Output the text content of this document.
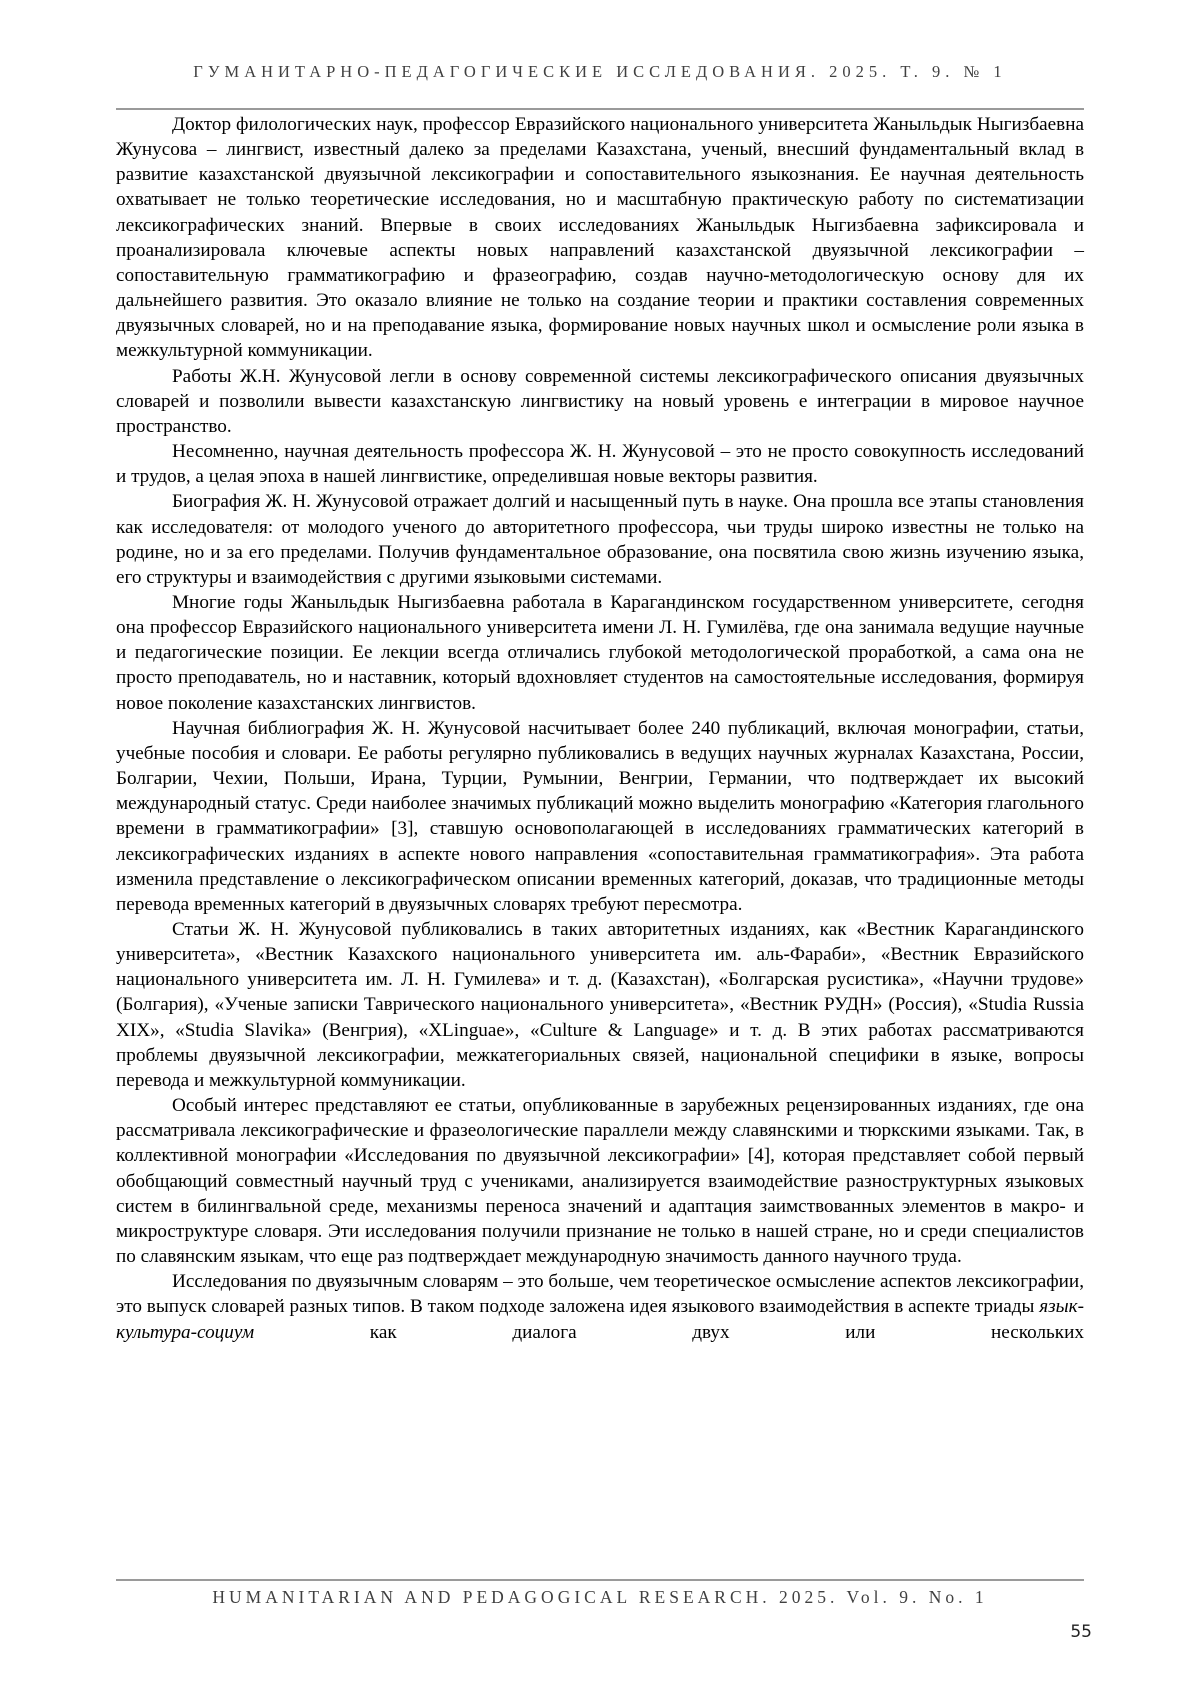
ГУМАНИТАРНО-ПЕДАГОГИЧЕСКИЕ ИССЛЕДОВАНИЯ. 2025. Т. 9. № 1

Доктор филологических наук, профессор Евразийского национального университета Жаныльдык Ныгизбаевна Жунусова – лингвист, известный далеко за пределами Казахстана, ученый, внесший фундаментальный вклад в развитие казахстанской двуязычной лексикографии и сопоставительного языкознания. Ее научная деятельность охватывает не только теоретические исследования, но и масштабную практическую работу по систематизации лексикографических знаний. Впервые в своих исследованиях Жаныльдык Ныгизбаевна зафиксировала и проанализировала ключевые аспекты новых направлений казахстанской двуязычной лексикографии – сопоставительную грамматикографию и фразеографию, создав научно-методологическую основу для их дальнейшего развития. Это оказало влияние не только на создание теории и практики составления современных двуязычных словарей, но и на преподавание языка, формирование новых научных школ и осмысление роли языка в межкультурной коммуникации.

Работы Ж.Н. Жунусовой легли в основу современной системы лексикографического описания двуязычных словарей и позволили вывести казахстанскую лингвистику на новый уровень е интеграции в мировое научное пространство.

Несомненно, научная деятельность профессора Ж. Н. Жунусовой – это не просто совокупность исследований и трудов, а целая эпоха в нашей лингвистике, определившая новые векторы развития.

Биография Ж. Н. Жунусовой отражает долгий и насыщенный путь в науке. Она прошла все этапы становления как исследователя: от молодого ученого до авторитетного профессора, чьи труды широко известны не только на родине, но и за его пределами. Получив фундаментальное образование, она посвятила свою жизнь изучению языка, его структуры и взаимодействия с другими языковыми системами.

Многие годы Жаныльдык Ныгизбаевна работала в Карагандинском государственном университете, сегодня она профессор Евразийского национального университета имени Л. Н. Гумилёва, где она занимала ведущие научные и педагогические позиции. Ее лекции всегда отличались глубокой методологической проработкой, а сама она не просто преподаватель, но и наставник, который вдохновляет студентов на самостоятельные исследования, формируя новое поколение казахстанских лингвистов.

Научная библиография Ж. Н. Жунусовой насчитывает более 240 публикаций, включая монографии, статьи, учебные пособия и словари. Ее работы регулярно публиковались в ведущих научных журналах Казахстана, России, Болгарии, Чехии, Польши, Ирана, Турции, Румынии, Венгрии, Германии, что подтверждает их высокий международный статус. Среди наиболее значимых публикаций можно выделить монографию «Категория глагольного времени в грамматикографии» [3], ставшую основополагающей в исследованиях грамматических категорий в лексикографических изданиях в аспекте нового направления «сопоставительная грамматикография». Эта работа изменила представление о лексикографическом описании временных категорий, доказав, что традиционные методы перевода временных категорий в двуязычных словарях требуют пересмотра.

Статьи Ж. Н. Жунусовой публиковались в таких авторитетных изданиях, как «Вестник Карагандинского университета», «Вестник Казахского национального университета им. аль-Фараби», «Вестник Евразийского национального университета им. Л. Н. Гумилева» и т. д. (Казахстан), «Болгарская русистика», «Научни трудове» (Болгария), «Ученые записки Таврического национального университета», «Вестник РУДН» (Россия), «Studia Russia XIX», «Studia Slavika» (Венгрия), «XLinguae», «Culture & Language» и т. д. В этих работах рассматриваются проблемы двуязычной лексикографии, межкатегориальных связей, национальной специфики в языке, вопросы перевода и межкультурной коммуникации.

Особый интерес представляют ее статьи, опубликованные в зарубежных рецензированных изданиях, где она рассматривала лексикографические и фразеологические параллели между славянскими и тюркскими языками. Так, в коллективной монографии «Исследования по двуязычной лексикографии» [4], которая представляет собой первый обобщающий совместный научный труд с учениками, анализируется взаимодействие разноструктурных языковых систем в билингвальной среде, механизмы переноса значений и адаптация заимствованных элементов в макро- и микроструктуре словаря. Эти исследования получили признание не только в нашей стране, но и среди специалистов по славянским языкам, что еще раз подтверждает международную значимость данного научного труда.

Исследования по двуязычным словарям – это больше, чем теоретическое осмысление аспектов лексикографии, это выпуск словарей разных типов. В таком подходе заложена идея языкового взаимодействия в аспекте триады язык-культура-социум как диалога двух или нескольких

HUMANITARIAN AND PEDAGOGICAL RESEARCH. 2025. Vol. 9. No. 1
55
